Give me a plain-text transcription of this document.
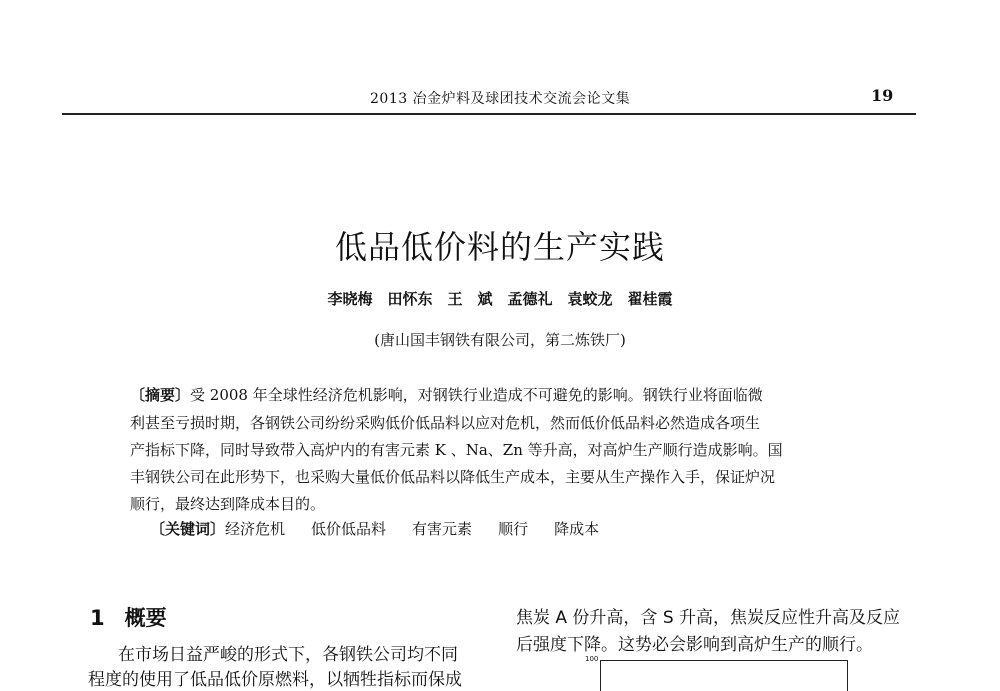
2013 冶金炉料及球团技术交流会论文集	19
低品低价料的生产实践
李晓梅　田怀东　王　斌　孟德礼　袁蛟龙　翟桂霞
(唐山国丰钢铁有限公司，第二炼铁厂)
〔摘要〕受 2008 年全球性经济危机影响，对钢铁行业造成不可避免的影响。钢铁行业将面临微
利甚至亏损时期，各钢铁公司纷纷采购低价低品料以应对危机，然而低价低品料必然造成各项生
产指标下降，同时导致带入高炉内的有害元素 K 、Na、Zn 等升高，对高炉生产顺行造成影响。国
丰钢铁公司在此形势下，也采购大量低价低品料以降低生产成本，主要从生产操作入手，保证炉况
顺行，最终达到降成本目的。
〔关键词〕经济危机 低价低品料 有害元素 顺行 降成本
1 概要
在市场日益严峻的形式下，各钢铁公司均不同
程度的使用了低品低价原燃料，以牺牲指标而保成
焦炭 A 份升高，含 S 升高，焦炭反应性升高及反应
后强度下降。这势必会影响到高炉生产的顺行。
100
